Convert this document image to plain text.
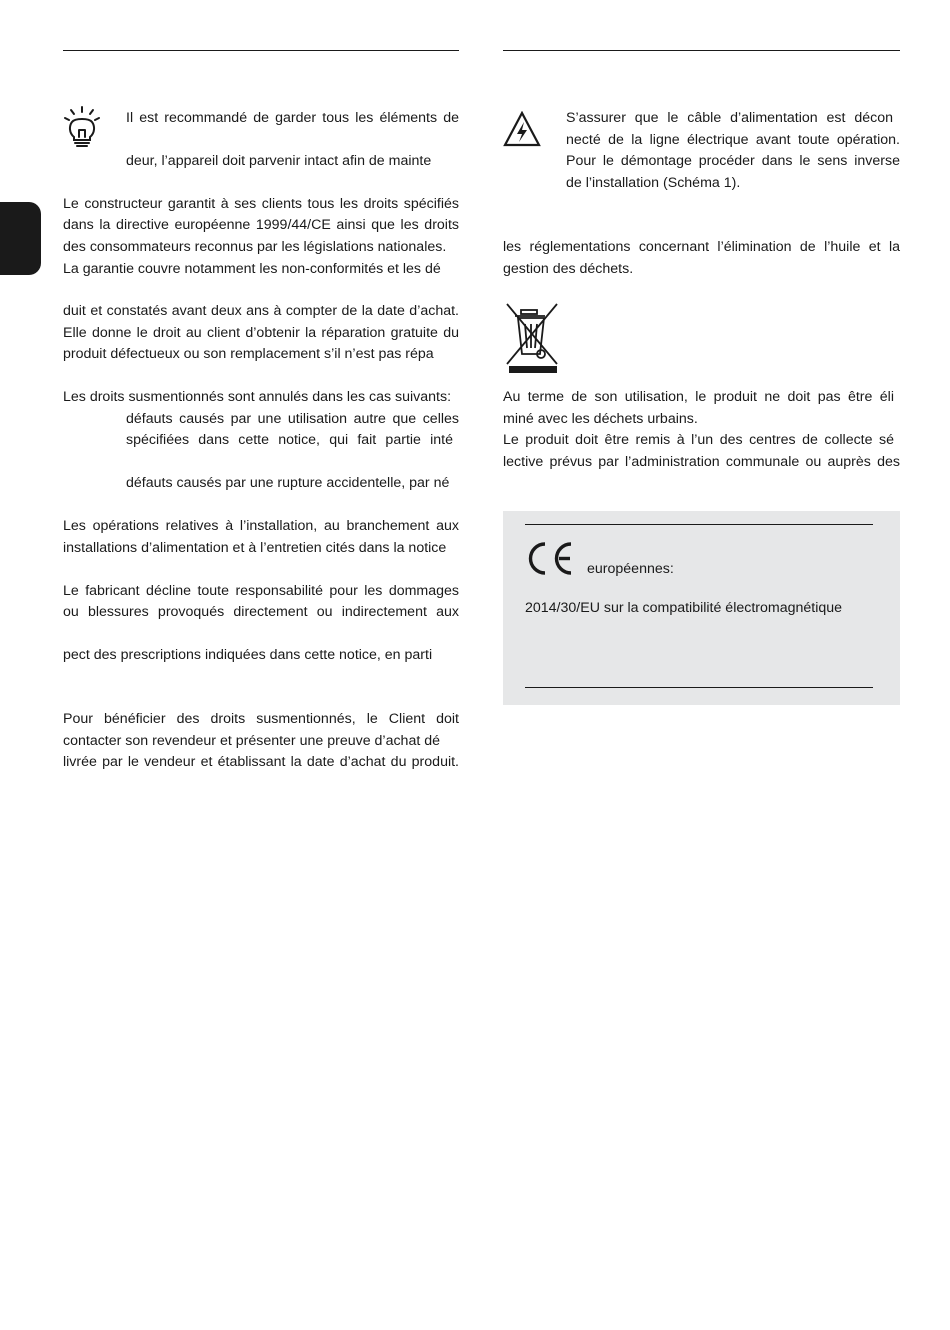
Il est recommandé de garder tous les éléments de
deur, l’appareil doit parvenir intact afin de mainte
Le constructeur garantit à ses clients tous les droits spécifiés
dans la directive européenne 1999/44/CE ainsi que les droits
des consommateurs reconnus par les législations nationales.
La garantie couvre notamment les non-conformités et les dé
duit et constatés avant deux ans à compter de la date d’achat.
Elle donne le droit au client d’obtenir la réparation gratuite du
produit défectueux ou son remplacement s’il n’est pas répa
Les droits susmentionnés sont annulés dans les cas suivants:
défauts causés par une utilisation autre que celles
spécifiées dans cette notice, qui fait partie inté
défauts causés par une rupture accidentelle, par né
Les opérations relatives à l’installation, au branchement aux
installations d’alimentation et à l’entretien cités dans la notice
Le fabricant décline toute responsabilité pour les dommages
ou blessures provoqués directement ou indirectement aux
pect des prescriptions indiquées dans cette notice, en parti
Pour bénéficier des droits susmentionnés, le Client doit
contacter son revendeur et présenter une preuve d’achat dé
livrée par le vendeur et établissant la date d’achat du produit.
S’assurer que le câble d’alimentation est décon
necté de la ligne électrique avant toute opération.
Pour le démontage procéder dans le sens inverse
de l’installation (Schéma 1).
les réglementations concernant l’élimination de l’huile et la
gestion des déchets.
Au terme de son utilisation, le produit ne doit pas être éli
miné avec les déchets urbains.
Le produit doit être remis à l’un des centres de collecte sé
lective prévus par l’administration communale ou auprès des
européennes:
2014/30/EU sur la compatibilité électromagnétique
